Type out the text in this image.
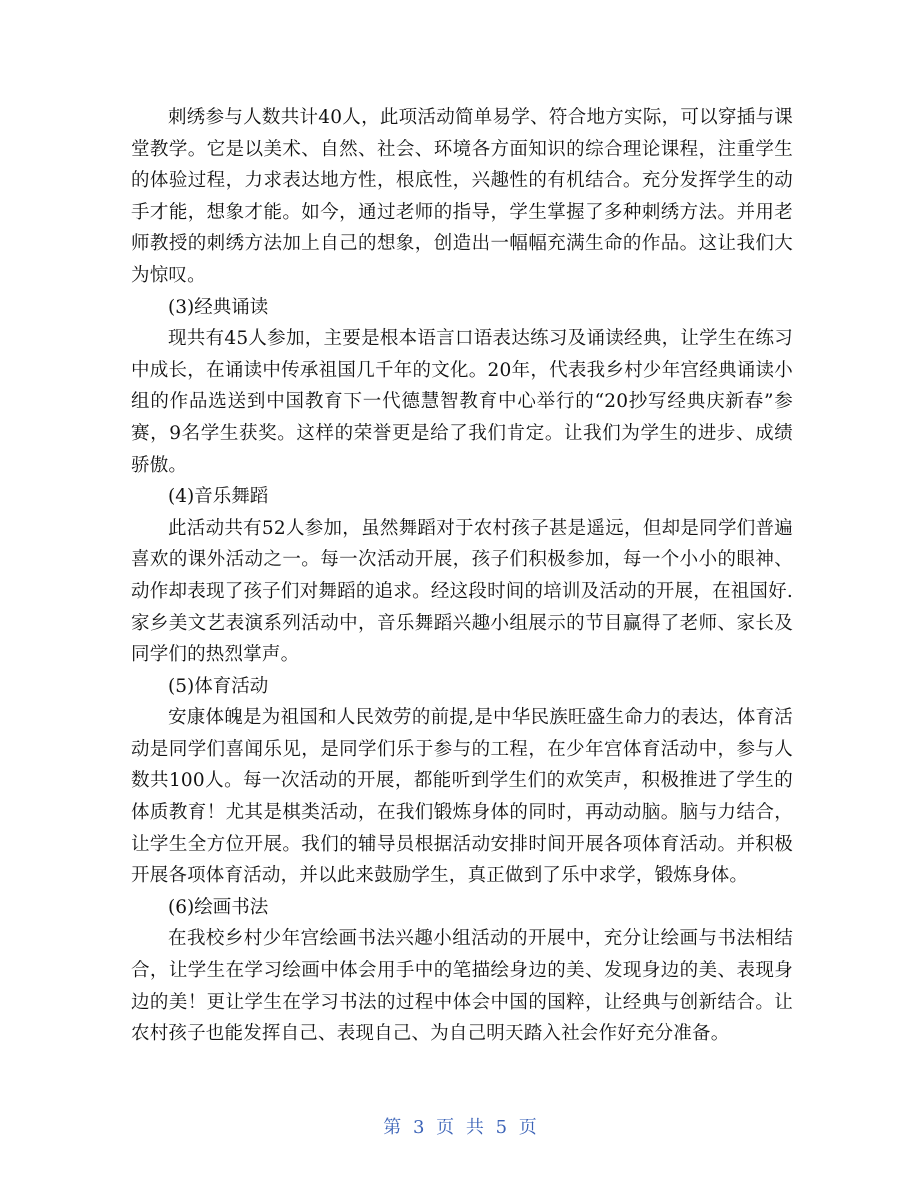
刺绣参与人数共计40人，此项活动简单易学、符合地方实际，可以穿插与课堂教学。它是以美术、自然、社会、环境各方面知识的综合理论课程，注重学生的体验过程，力求表达地方性，根底性，兴趣性的有机结合。充分发挥学生的动手才能，想象才能。如今，通过老师的指导，学生掌握了多种刺绣方法。并用老师教授的刺绣方法加上自己的想象，创造出一幅幅充满生命的作品。这让我们大为惊叹。

(3)经典诵读

现共有45人参加，主要是根本语言口语表达练习及诵读经典，让学生在练习中成长，在诵读中传承祖国几千年的文化。20年，代表我乡村少年宫经典诵读小组的作品选送到中国教育下一代德慧智教育中心举行的“20抄写经典庆新春”参赛，9名学生获奖。这样的荣誉更是给了我们肯定。让我们为学生的进步、成绩骄傲。

(4)音乐舞蹈

此活动共有52人参加，虽然舞蹈对于农村孩子甚是遥远，但却是同学们普遍喜欢的课外活动之一。每一次活动开展，孩子们积极参加，每一个小小的眼神、动作却表现了孩子们对舞蹈的追求。经这段时间的培训及活动的开展，在祖国好.家乡美文艺表演系列活动中，音乐舞蹈兴趣小组展示的节目赢得了老师、家长及同学们的热烈掌声。

(5)体育活动

安康体魄是为祖国和人民效劳的前提,是中华民族旺盛生命力的表达，体育活动是同学们喜闻乐见，是同学们乐于参与的工程，在少年宫体育活动中，参与人数共100人。每一次活动的开展，都能听到学生们的欢笑声，积极推进了学生的体质教育！尤其是棋类活动，在我们锻炼身体的同时，再动动脑。脑与力结合，让学生全方位开展。我们的辅导员根据活动安排时间开展各项体育活动。并积极开展各项体育活动，并以此来鼓励学生，真正做到了乐中求学，锻炼身体。

(6)绘画书法

在我校乡村少年宫绘画书法兴趣小组活动的开展中，充分让绘画与书法相结合，让学生在学习绘画中体会用手中的笔描绘身边的美、发现身边的美、表现身边的美！更让学生在学习书法的过程中体会中国的国粹，让经典与创新结合。让农村孩子也能发挥自己、表现自己、为自己明天踏入社会作好充分准备。

第 3 页 共 5 页
